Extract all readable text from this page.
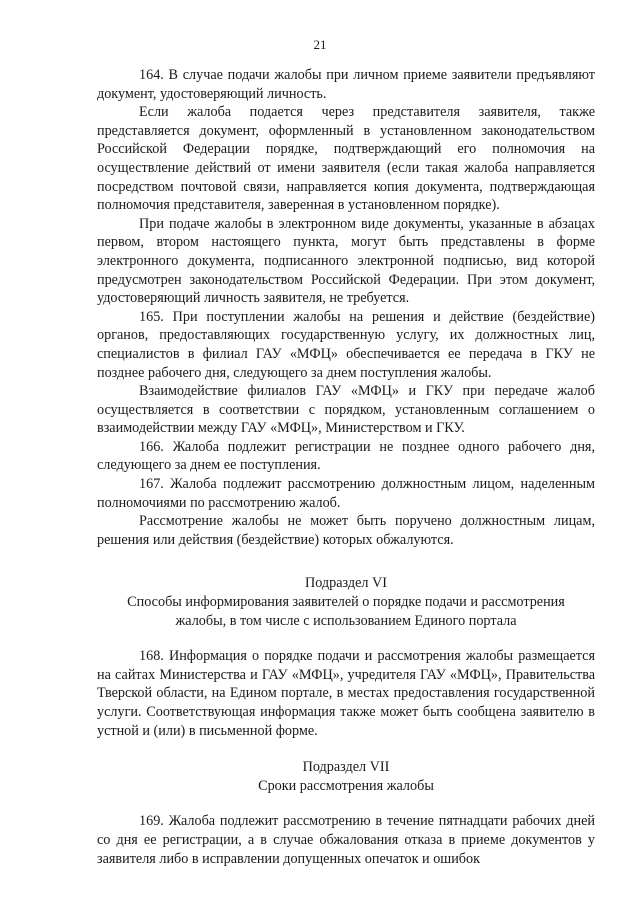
21

164. В случае подачи жалобы при личном приеме заявители предъявляют документ, удостоверяющий личность.

Если жалоба подается через представителя заявителя, также представляется документ, оформленный в установленном законодательством Российской Федерации порядке, подтверждающий его полномочия на осуществление действий от имени заявителя (если такая жалоба направляется посредством почтовой связи, направляется копия документа, подтверждающая полномочия представителя, заверенная в установленном порядке).

При подаче жалобы в электронном виде документы, указанные в абзацах первом, втором настоящего пункта, могут быть представлены в форме электронного документа, подписанного электронной подписью, вид которой предусмотрен законодательством Российской Федерации. При этом документ, удостоверяющий личность заявителя, не требуется.

165. При поступлении жалобы на решения и действие (бездействие) органов, предоставляющих государственную услугу, их должностных лиц, специалистов в филиал ГАУ «МФЦ» обеспечивается ее передача в ГКУ не позднее рабочего дня, следующего за днем поступления жалобы.

Взаимодействие филиалов ГАУ «МФЦ» и ГКУ при передаче жалоб осуществляется в соответствии с порядком, установленным соглашением о взаимодействии между ГАУ «МФЦ», Министерством и ГКУ.

166. Жалоба подлежит регистрации не позднее одного рабочего дня, следующего за днем ее поступления.

167. Жалоба подлежит рассмотрению должностным лицом, наделенным полномочиями по рассмотрению жалоб.

Рассмотрение жалобы не может быть поручено должностным лицам, решения или действия (бездействие) которых обжалуются.

Подраздел VI

Способы информирования заявителей о порядке подачи и рассмотрения

жалобы, в том числе с использованием Единого портала

168. Информация о порядке подачи и рассмотрения жалобы размещается на сайтах Министерства и ГАУ «МФЦ», учредителя ГАУ «МФЦ», Правительства Тверской области, на Едином портале, в местах предоставления государственной услуги. Соответствующая информация также может быть сообщена заявителю в устной и (или) в письменной форме.

Подраздел VII

Сроки рассмотрения жалобы

169. Жалоба подлежит рассмотрению в течение пятнадцати рабочих дней со дня ее регистрации, а в случае обжалования отказа в приеме документов у заявителя либо в исправлении допущенных опечаток и ошибок
